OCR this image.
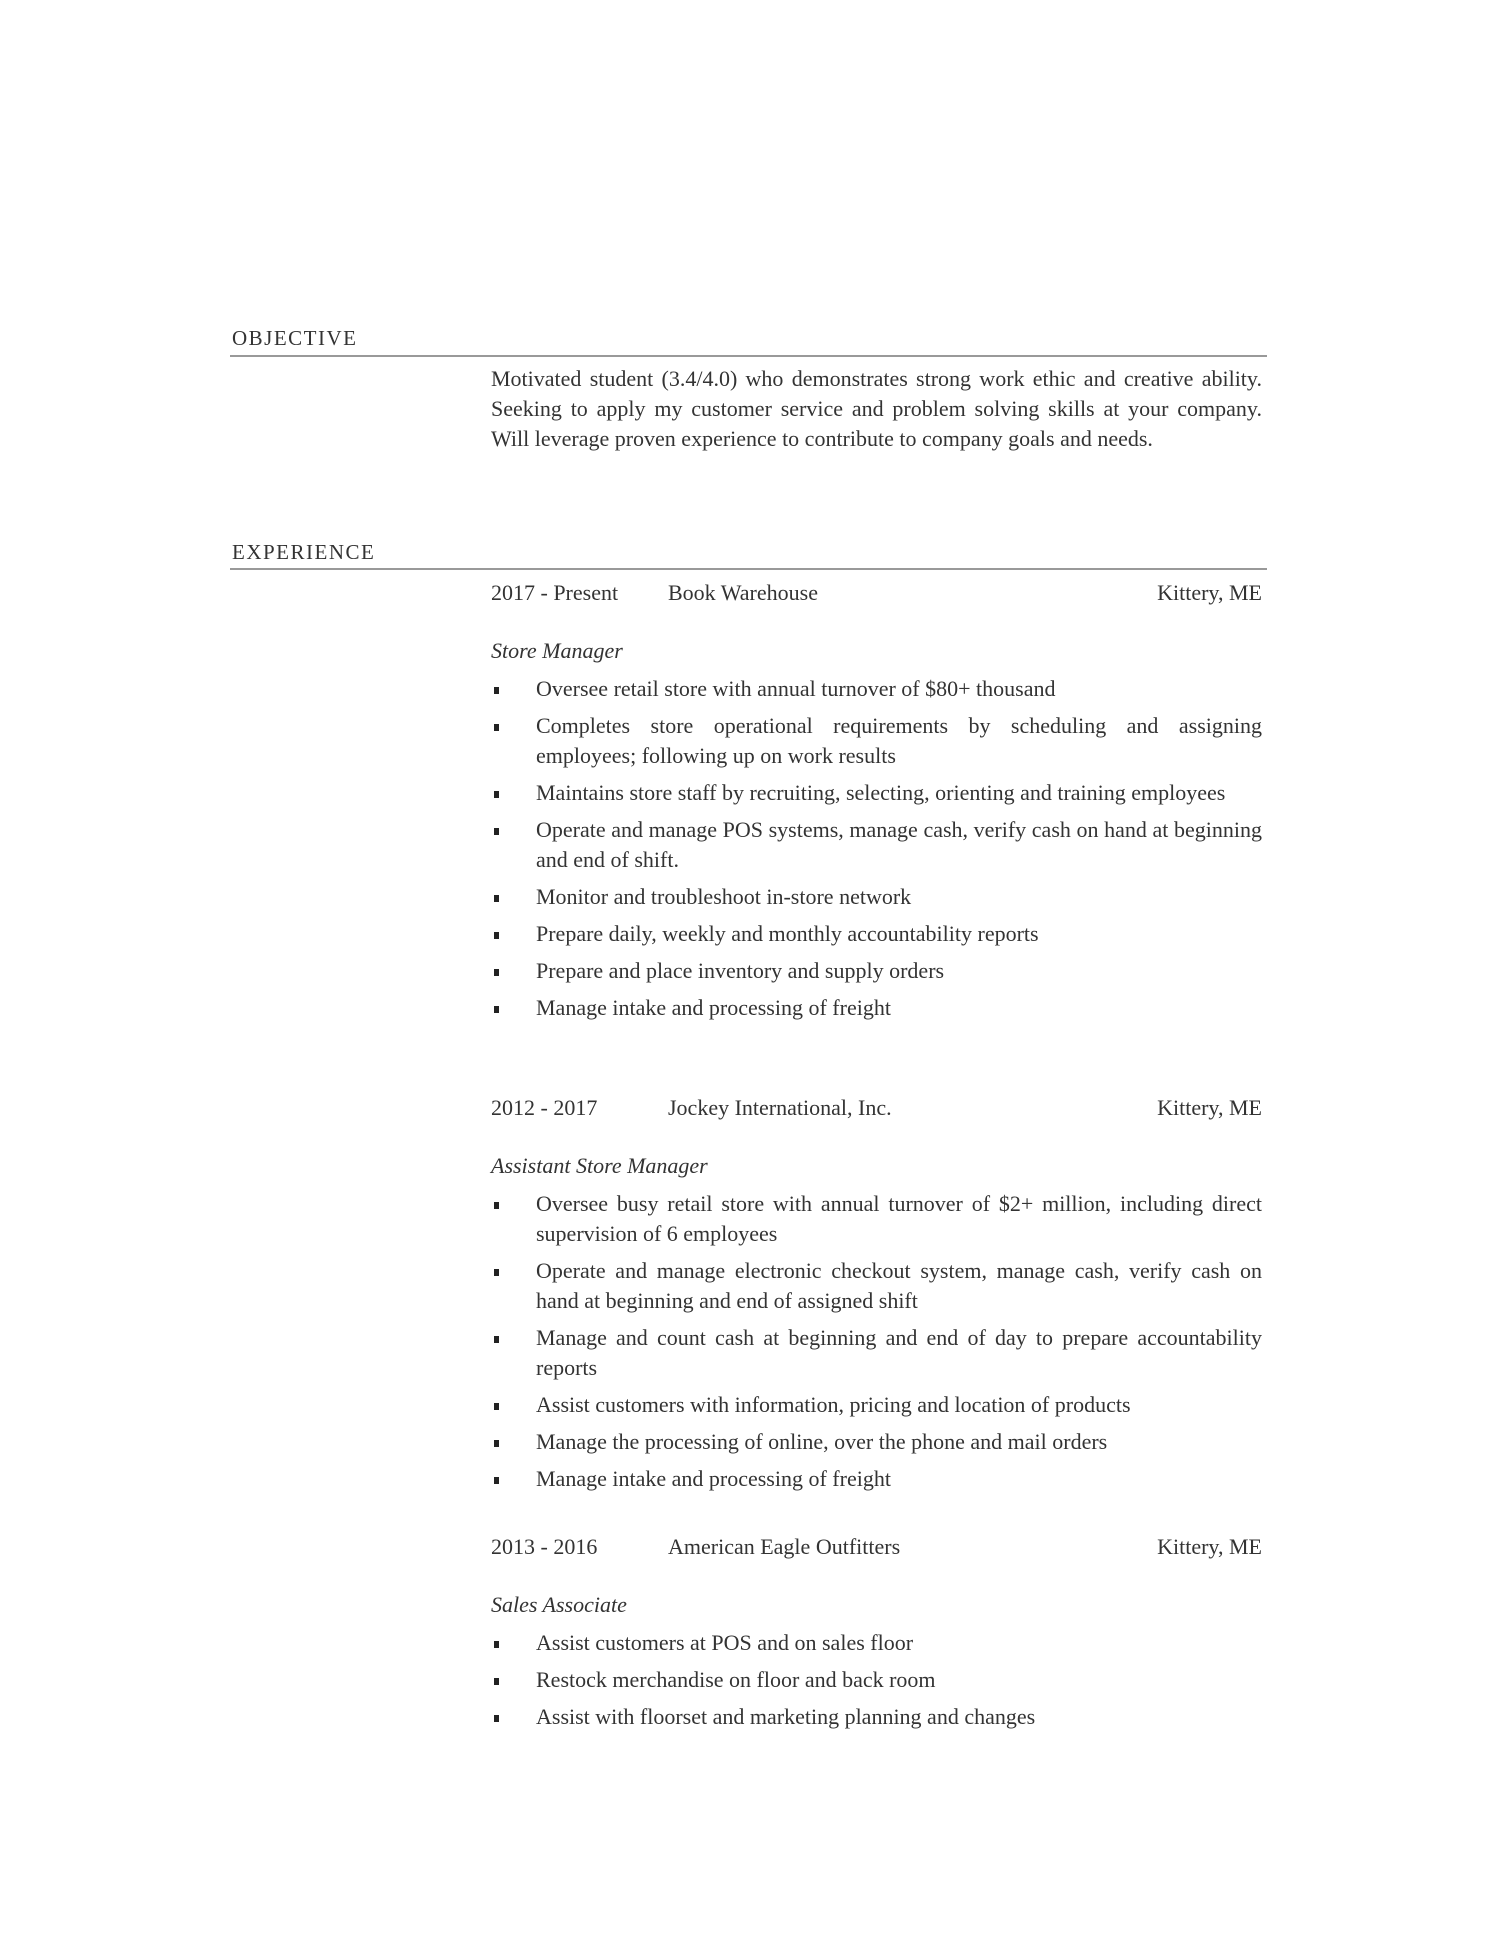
OBJECTIVE
Motivated student (3.4/4.0) who demonstrates strong work ethic and creative ability. Seeking to apply my customer service and problem solving skills at your company. Will leverage proven experience to contribute to company goals and needs.
EXPERIENCE
2017 - Present Book Warehouse	Kittery, ME
Store Manager
Oversee retail store with annual turnover of $80+ thousand
Completes store operational requirements by scheduling and assigning employees; following up on work results
Maintains store staff by recruiting, selecting, orienting and training employees
Operate and manage POS systems, manage cash, verify cash on hand at beginning and end of shift.
Monitor and troubleshoot in-store network
Prepare daily, weekly and monthly accountability reports
Prepare and place inventory and supply orders
Manage intake and processing of freight
2012 - 2017	Jockey International, Inc.	Kittery, ME
Assistant Store Manager
Oversee busy retail store with annual turnover of $2+ million, including direct supervision of 6 employees
Operate and manage electronic checkout system, manage cash, verify cash on hand at beginning and end of assigned shift
Manage and count cash at beginning and end of day to prepare accountability reports
Assist customers with information, pricing and location of products
Manage the processing of online, over the phone and mail orders
Manage intake and processing of freight
2013 - 2016	American Eagle Outfitters	Kittery, ME
Sales Associate
Assist customers at POS and on sales floor
Restock merchandise on floor and back room
Assist with floorset and marketing planning and changes
